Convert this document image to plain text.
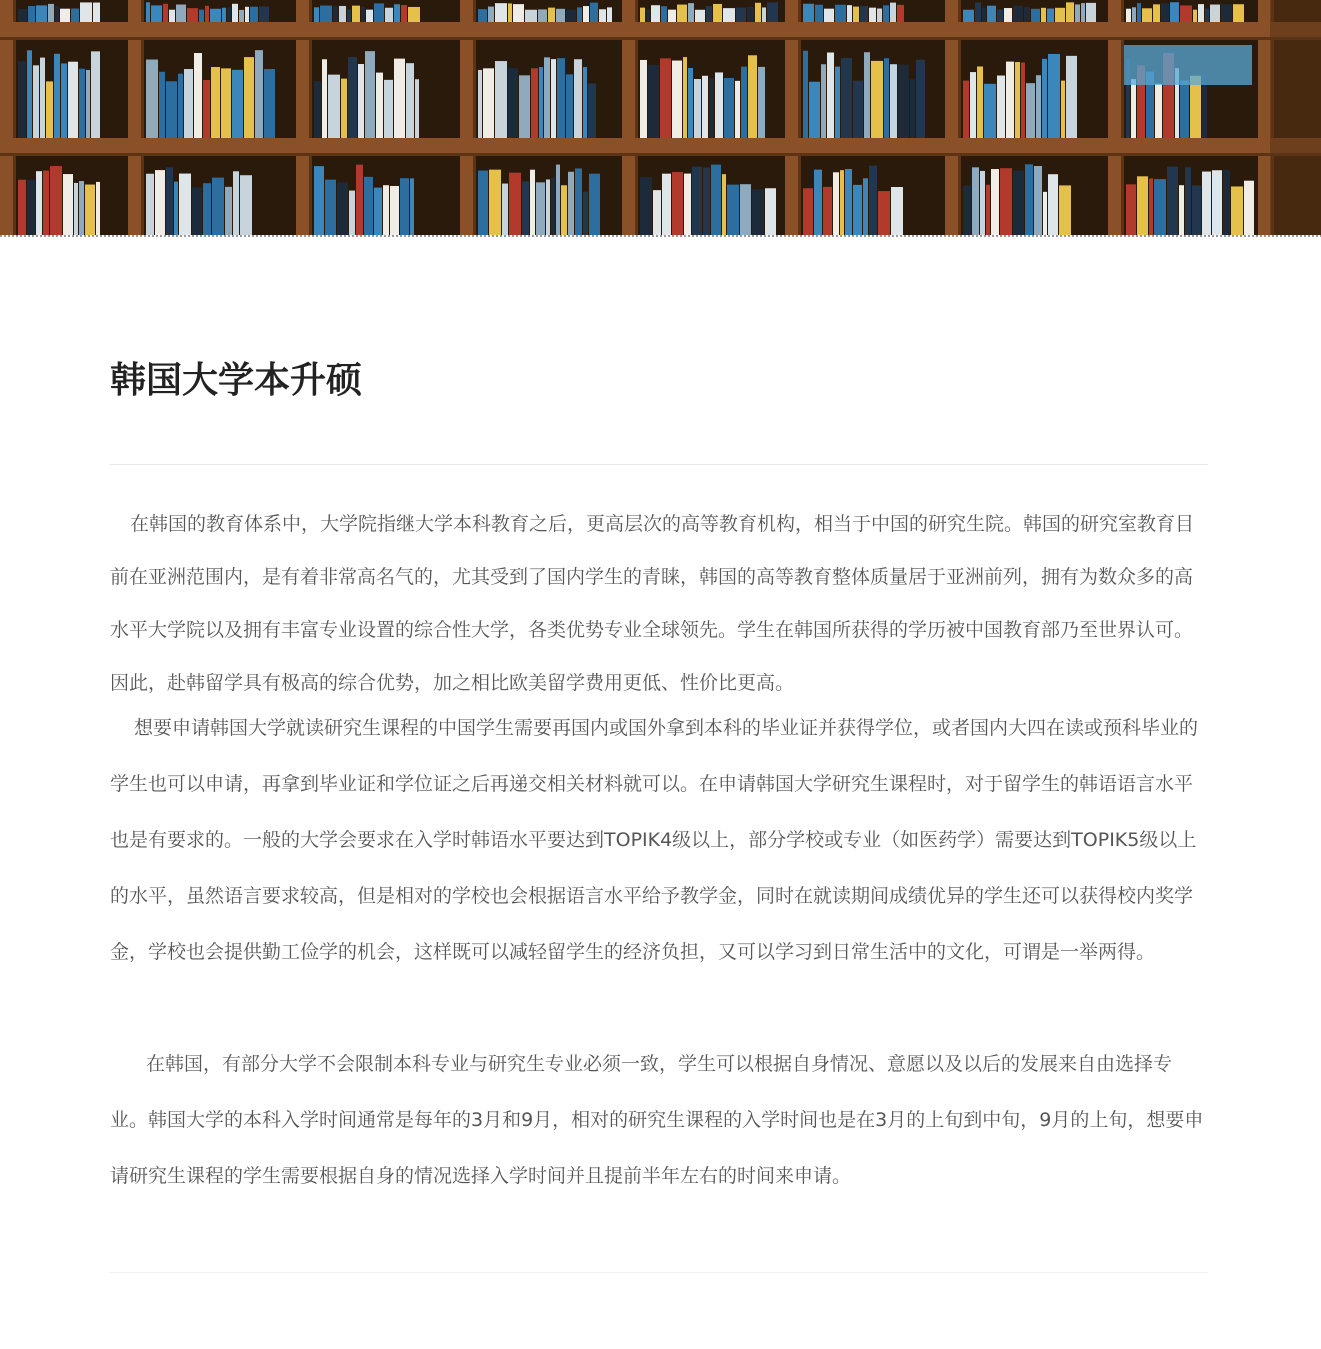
韩国大学本升硕

在韩国的教育体系中，大学院指继大学本科教育之后，更高层次的高等教育机构，相当于中国的研究生院。韩国的研究室教育目前在亚洲范围内，是有着非常高名气的，尤其受到了国内学生的青睐，韩国的高等教育整体质量居于亚洲前列，拥有为数众多的高水平大学院以及拥有丰富专业设置的综合性大学，各类优势专业全球领先。学生在韩国所获得的学历被中国教育部乃至世界认可。因此，赴韩留学具有极高的综合优势，加之相比欧美留学费用更低、性价比更高。

想要申请韩国大学就读研究生课程的中国学生需要再国内或国外拿到本科的毕业证并获得学位，或者国内大四在读或预科毕业的学生也可以申请，再拿到毕业证和学位证之后再递交相关材料就可以。在申请韩国大学研究生课程时，对于留学生的韩语语言水平也是有要求的。一般的大学会要求在入学时韩语水平要达到TOPIK4级以上，部分学校或专业（如医药学）需要达到TOPIK5级以上的水平，虽然语言要求较高，但是相对的学校也会根据语言水平给予教学金，同时在就读期间成绩优异的学生还可以获得校内奖学金，学校也会提供勤工俭学的机会，这样既可以减轻留学生的经济负担，又可以学习到日常生活中的文化，可谓是一举两得。

在韩国，有部分大学不会限制本科专业与研究生专业必须一致，学生可以根据自身情况、意愿以及以后的发展来自由选择专业。韩国大学的本科入学时间通常是每年的3月和9月，相对的研究生课程的入学时间也是在3月的上旬到中旬，9月的上旬，想要申请研究生课程的学生需要根据自身的情况选择入学时间并且提前半年左右的时间来申请。
